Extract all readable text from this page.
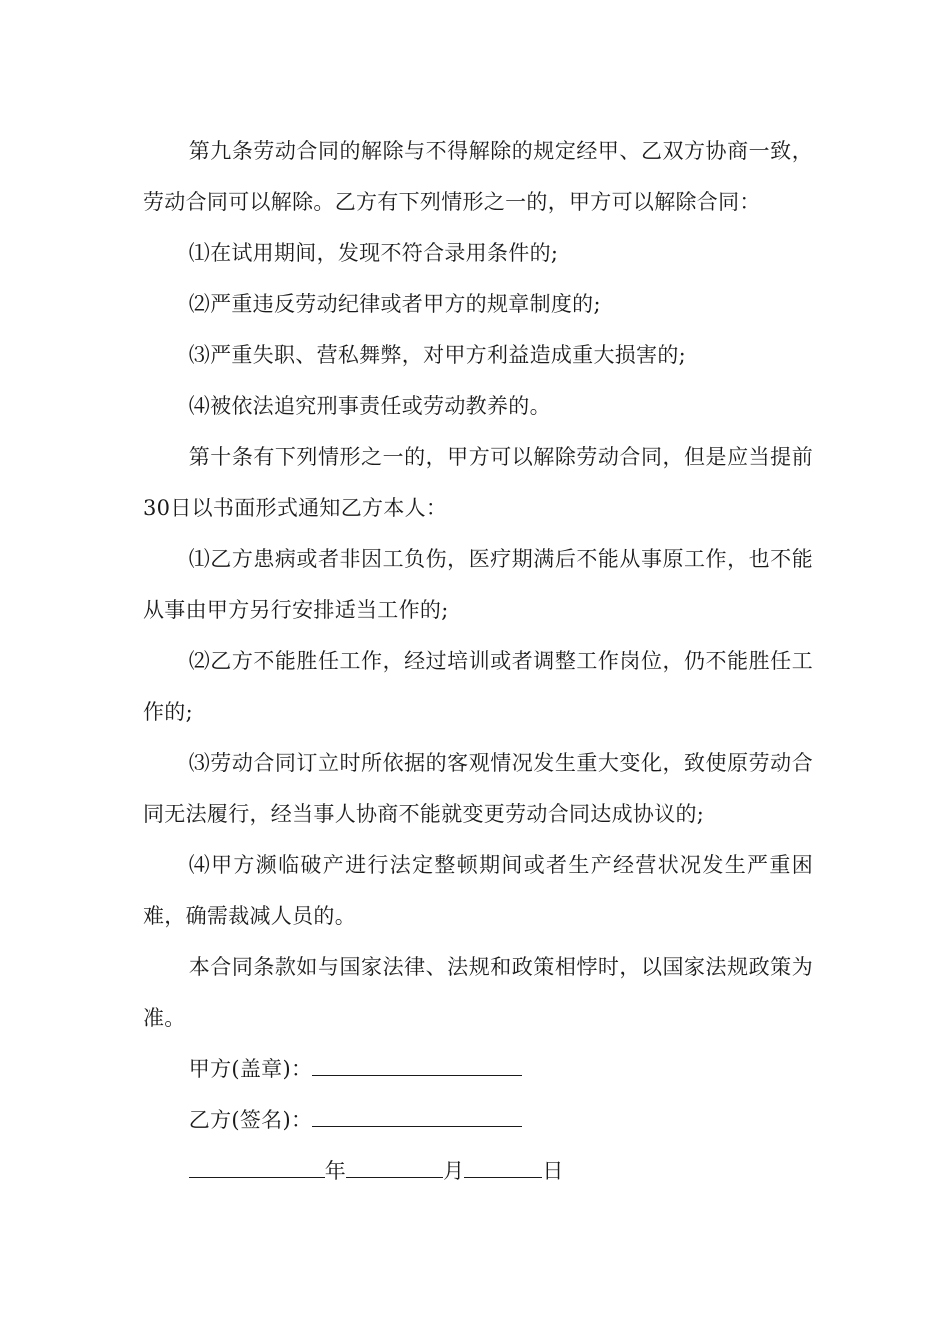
第九条劳动合同的解除与不得解除的规定经甲、乙双方协商一致，劳动合同可以解除。乙方有下列情形之一的，甲方可以解除合同：

⑴在试用期间，发现不符合录用条件的;

⑵严重违反劳动纪律或者甲方的规章制度的;

⑶严重失职、营私舞弊，对甲方利益造成重大损害的;

⑷被依法追究刑事责任或劳动教养的。

第十条有下列情形之一的，甲方可以解除劳动合同，但是应当提前30日以书面形式通知乙方本人：

⑴乙方患病或者非因工负伤，医疗期满后不能从事原工作，也不能从事由甲方另行安排适当工作的;

⑵乙方不能胜任工作，经过培训或者调整工作岗位，仍不能胜任工作的;

⑶劳动合同订立时所依据的客观情况发生重大变化，致使原劳动合同无法履行，经当事人协商不能就变更劳动合同达成协议的;

⑷甲方濒临破产进行法定整顿期间或者生产经营状况发生严重困难，确需裁减人员的。

本合同条款如与国家法律、法规和政策相悖时，以国家法规政策为准。

甲方(盖章)：

乙方(签名)：

年	月	日
